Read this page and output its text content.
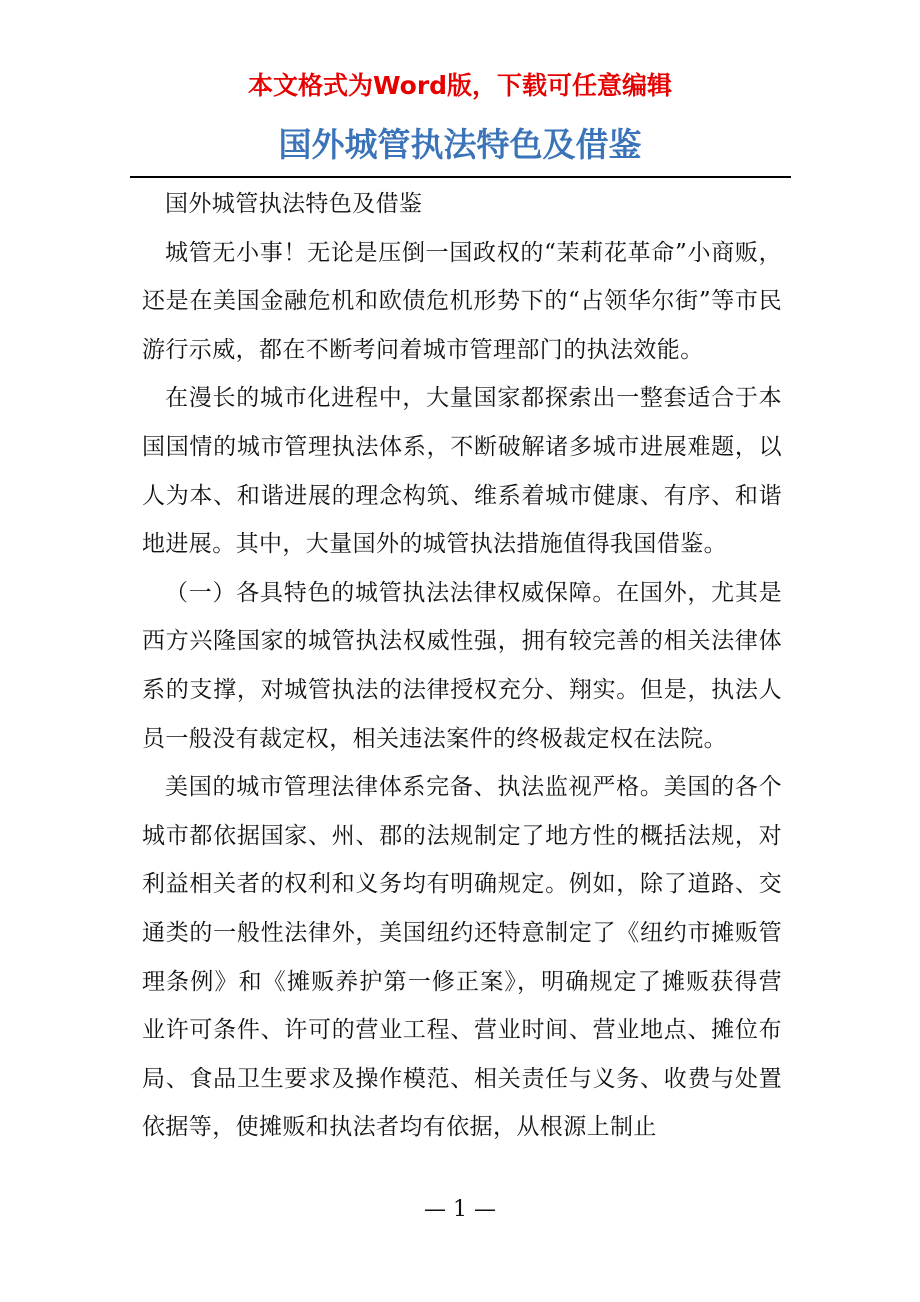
本文格式为Word版，下载可任意编辑
国外城管执法特色及借鉴

国外城管执法特色及借鉴

城管无小事！无论是压倒一国政权的“茉莉花革命”小商贩，还是在美国金融危机和欧债危机形势下的“占领华尔街”等市民游行示威，都在不断考问着城市管理部门的执法效能。

在漫长的城市化进程中，大量国家都探索出一整套适合于本国国情的城市管理执法体系，不断破解诸多城市进展难题，以人为本、和谐进展的理念构筑、维系着城市健康、有序、和谐地进展。其中，大量国外的城管执法措施值得我国借鉴。

（一）各具特色的城管执法法律权威保障。在国外，尤其是西方兴隆国家的城管执法权威性强，拥有较完善的相关法律体系的支撑，对城管执法的法律授权充分、翔实。但是，执法人员一般没有裁定权，相关违法案件的终极裁定权在法院。

美国的城市管理法律体系完备、执法监视严格。美国的各个城市都依据国家、州、郡的法规制定了地方性的概括法规，对利益相关者的权利和义务均有明确规定。例如，除了道路、交通类的一般性法律外，美国纽约还特意制定了《纽约市摊贩管理条例》和《摊贩养护第一修正案》，明确规定了摊贩获得营业许可条件、许可的营业工程、营业时间、营业地点、摊位布局、食品卫生要求及操作模范、相关责任与义务、收费与处置依据等，使摊贩和执法者均有依据，从根源上制止

— 1 —
